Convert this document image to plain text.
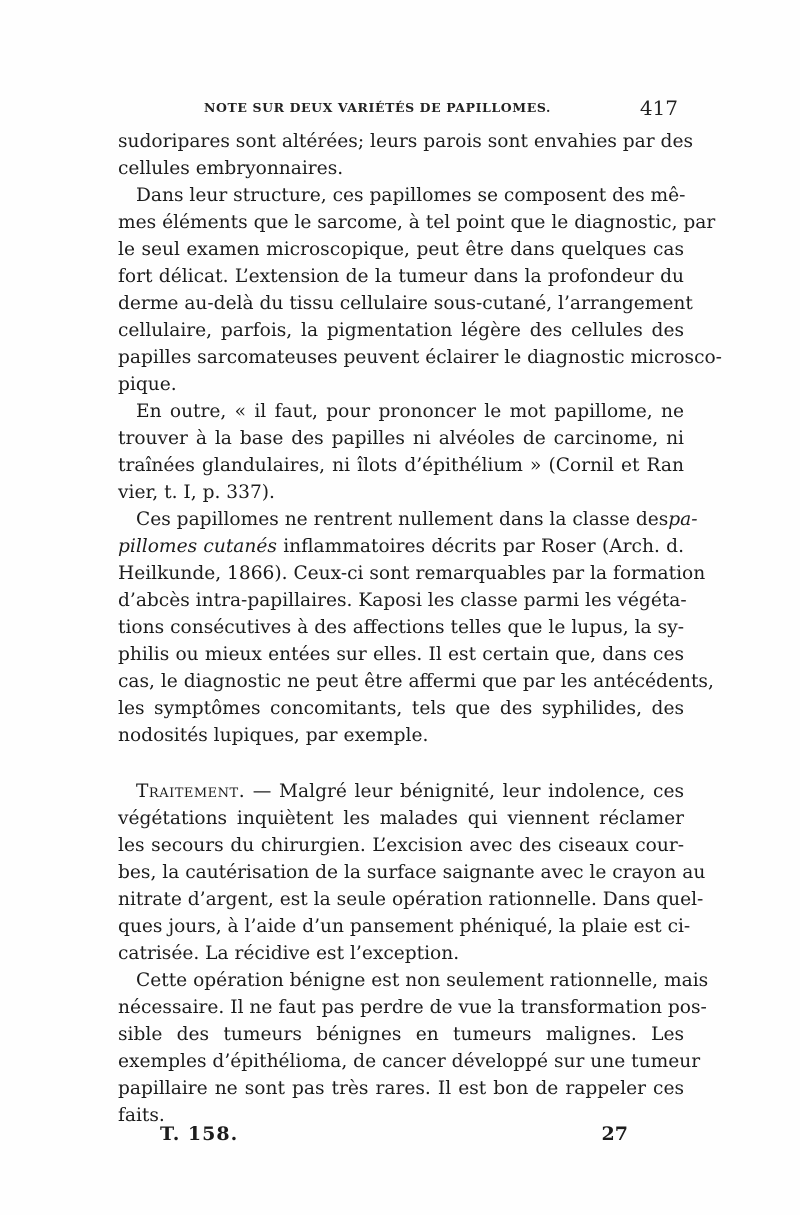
NOTE SUR DEUX VARIÉTÉS DE PAPILLOMES.	417
sudoripares sont altérées; leurs parois sont envahies par des
cellules embryonnaires.
Dans leur structure, ces papillomes se composent des mê-
mes éléments que le sarcome, à tel point que le diagnostic, par
le seul examen microscopique, peut être dans quelques cas
fort délicat. L’extension de la tumeur dans la profondeur du
derme au-delà du tissu cellulaire sous-cutané, l’arrangement
cellulaire, parfois, la pigmentation légère des cellules des
papilles sarcomateuses peuvent éclairer le diagnostic microsco-
pique.
En outre, « il faut, pour prononcer le mot papillome, ne
trouver à la base des papilles ni alvéoles de carcinome, ni
traînées glandulaires, ni îlots d’épithélium » (Cornil et Ran
vier, t. I, p. 337).
Ces papillomes ne rentrent nullement dans la classe despa-
pillomes cutanés inflammatoires décrits par Roser (Arch. d.
Heilkunde, 1866). Ceux-ci sont remarquables par la formation
d’abcès intra-papillaires. Kaposi les classe parmi les végéta-
tions consécutives à des affections telles que le lupus, la sy-
philis ou mieux entées sur elles. Il est certain que, dans ces
cas, le diagnostic ne peut être affermi que par les antécédents,
les symptômes concomitants, tels que des syphilides, des
nodosités lupiques, par exemple.
Traitement. — Malgré leur bénignité, leur indolence, ces
végétations inquiètent les malades qui viennent réclamer
les secours du chirurgien. L’excision avec des ciseaux cour-
bes, la cautérisation de la surface saignante avec le crayon au
nitrate d’argent, est la seule opération rationnelle. Dans quel-
ques jours, à l’aide d’un pansement phéniqué, la plaie est ci-
catrisée. La récidive est l’exception.
Cette opération bénigne est non seulement rationnelle, mais
nécessaire. Il ne faut pas perdre de vue la transformation pos-
sible des tumeurs bénignes en tumeurs malignes. Les
exemples d’épithélioma, de cancer développé sur une tumeur
papillaire ne sont pas très rares. Il est bon de rappeler ces
faits.
T. 158.	27
